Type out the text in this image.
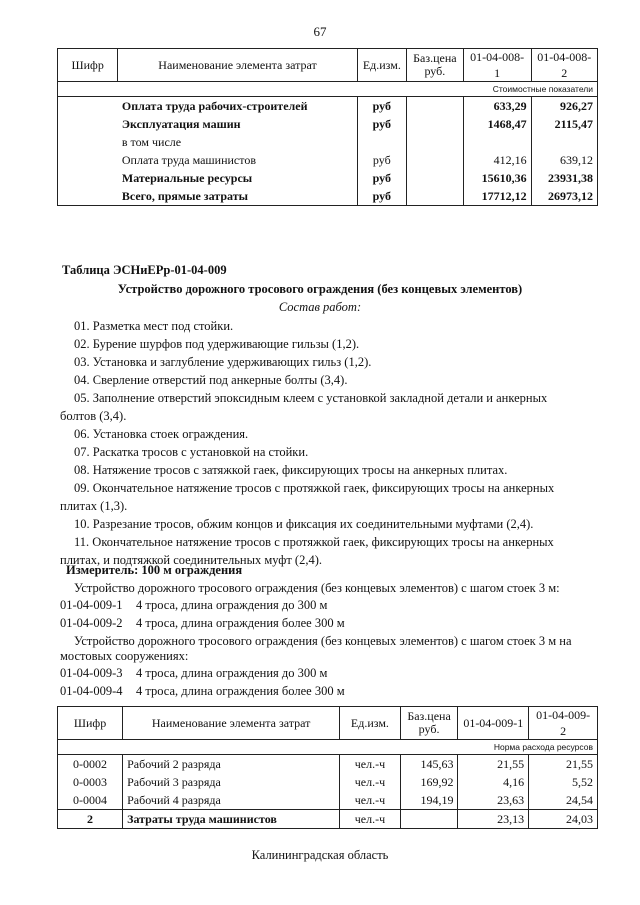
67
Шифр	Наименование элемента затрат	Ед.изм.	Баз.цена руб.	01-04-008-1	01-04-008-2
Стоимостные показатели					
	Оплата труда рабочих-строителей	руб		633,29	926,27
	Эксплуатация машин	руб		1468,47	2115,47
	в том числе				
	Оплата труда машинистов	руб		412,16	639,12
	Материальные ресурсы	руб		15610,36	23931,38
	Всего, прямые затраты	руб		17712,12	26973,12
Таблица ЭСНиЕРр-01-04-009
Устройство дорожного тросового ограждения (без концевых элементов)
Состав работ:
01. Разметка мест под стойки.
02. Бурение шурфов под удерживающие гильзы (1,2).
03. Установка и заглубление удерживающих гильз (1,2).
04. Сверление отверстий под анкерные болты (3,4).
05. Заполнение отверстий эпоксидным клеем с установкой закладной детали и анкерных
болтов (3,4).
06. Установка стоек ограждения.
07. Раскатка тросов с установкой на стойки.
08. Натяжение тросов с затяжкой гаек, фиксирующих тросы на анкерных плитах.
09. Окончательное натяжение тросов с протяжкой гаек, фиксирующих тросы на анкерных
плитах (1,3).
10. Разрезание тросов, обжим концов и фиксация их соединительными муфтами (2,4).
11. Окончательное натяжение тросов с протяжкой гаек, фиксирующих тросы на анкерных
плитах, и подтяжкой соединительных муфт (2,4).
Измеритель: 100 м ограждения
Устройство дорожного тросового ограждения (без концевых элементов) с шагом стоек 3 м:
01-04-009-1 4 троса, длина ограждения до 300 м
01-04-009-2 4 троса, длина ограждения более 300 м
Устройство дорожного тросового ограждения (без концевых элементов) с шагом стоек 3 м на
мостовых сооружениях:
01-04-009-3 4 троса, длина ограждения до 300 м
01-04-009-4 4 троса, длина ограждения более 300 м
Шифр	Наименование элемента затрат	Ед.изм.	Баз.цена руб.	01-04-009-1	01-04-009-2
Норма расхода ресурсов					
0-0002	Рабочий 2 разряда	чел.-ч	145,63	21,55	21,55
0-0003	Рабочий 3 разряда	чел.-ч	169,92	4,16	5,52
0-0004	Рабочий 4 разряда	чел.-ч	194,19	23,63	24,54
2	Затраты труда машинистов	чел.-ч		23,13	24,03
Калининградская область
